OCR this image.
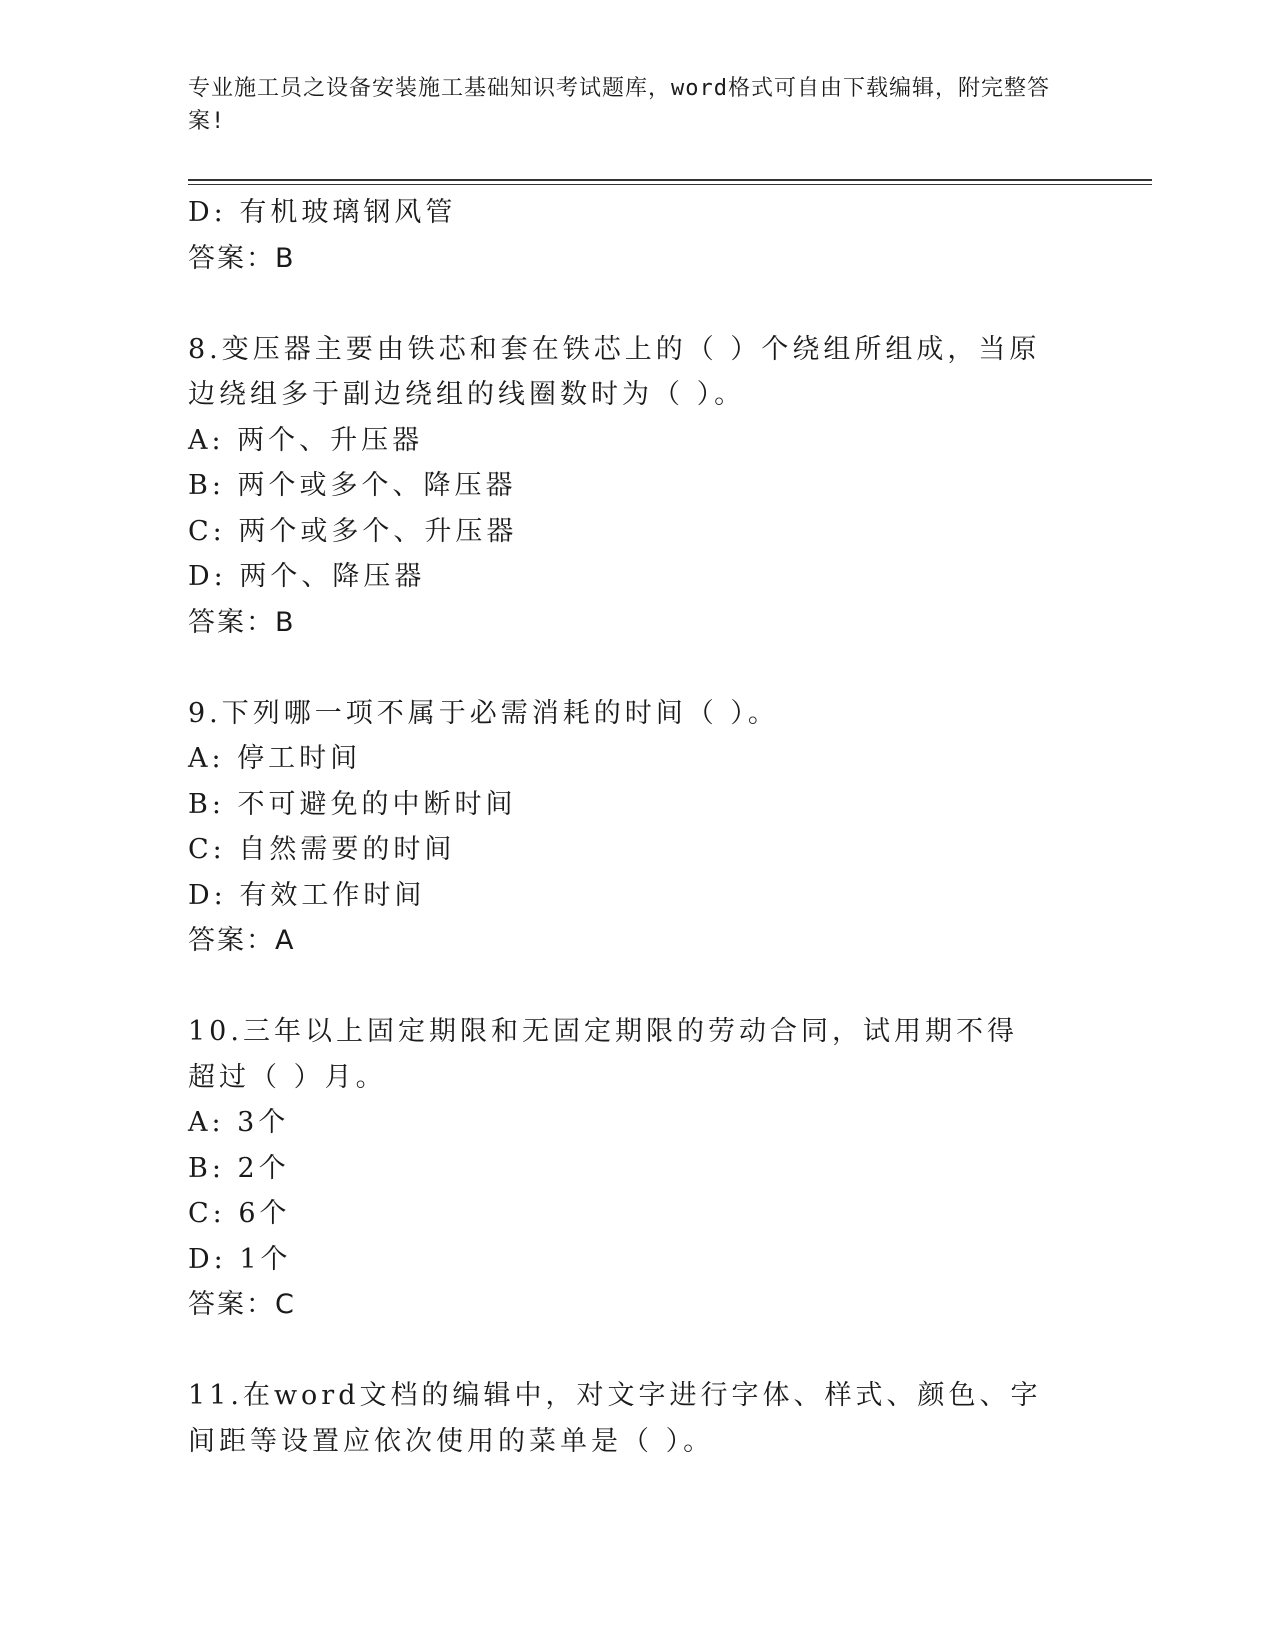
专业施工员之设备安装施工基础知识考试题库，word格式可自由下载编辑，附完整答案!
D: 有机玻璃钢风管
答案：B
8.变压器主要由铁芯和套在铁芯上的（ ）个绕组所组成，当原边绕组多于副边绕组的线圈数时为（ ）。
A: 两个、升压器
B: 两个或多个、降压器
C: 两个或多个、升压器
D: 两个、降压器
答案：B
9.下列哪一项不属于必需消耗的时间（ ）。
A: 停工时间
B: 不可避免的中断时间
C: 自然需要的时间
D: 有效工作时间
答案：A
10.三年以上固定期限和无固定期限的劳动合同，试用期不得超过（ ）月。
A: 3个
B: 2个
C: 6个
D: 1个
答案：C
11.在word文档的编辑中，对文字进行字体、样式、颜色、字间距等设置应依次使用的菜单是（ ）。
